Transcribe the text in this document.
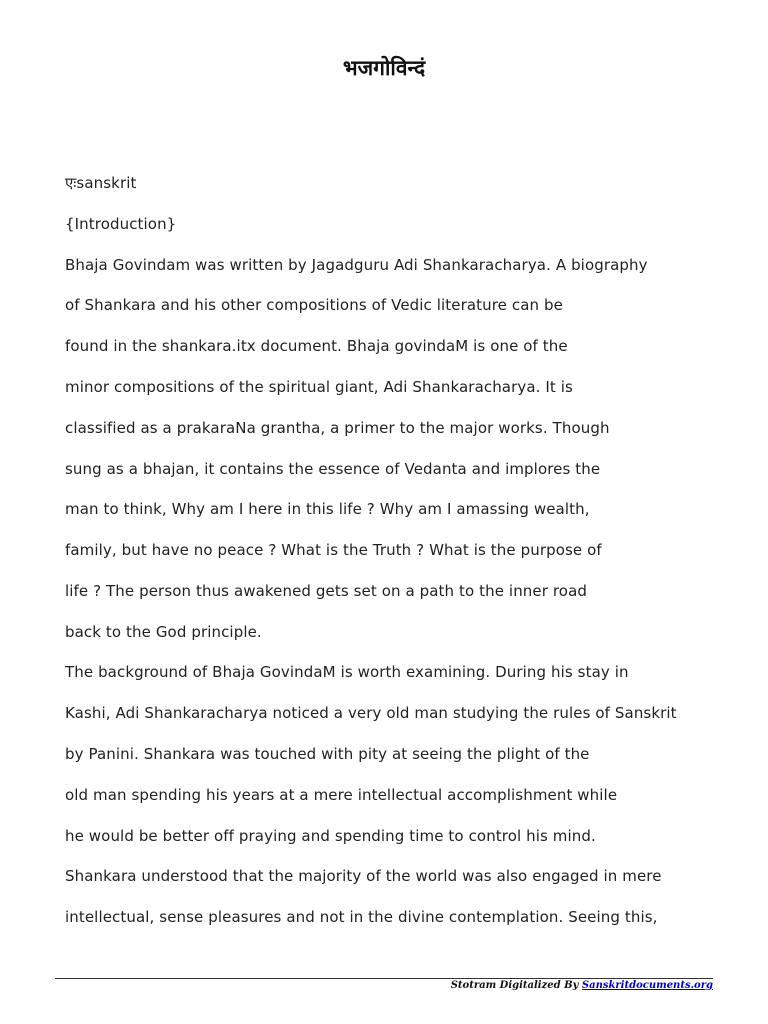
भजगोविन्दं
एःsanskrit
{Introduction}
Bhaja Govindam was written by Jagadguru Adi Shankaracharya. A biography
of Shankara and his other compositions of Vedic literature can be
found in the shankara.itx document. Bhaja govindaM is one of the
minor compositions of the spiritual giant, Adi Shankaracharya. It is
classified as a prakaraNa grantha, a primer to the major works. Though
sung as a bhajan, it contains the essence of Vedanta and implores the
man to think, Why am I here in this life ? Why am I amassing wealth,
family, but have no peace ? What is the Truth ? What is the purpose of
life ? The person thus awakened gets set on a path to the inner road
back to the God principle.
The background of Bhaja GovindaM is worth examining. During his stay in
Kashi, Adi Shankaracharya noticed a very old man studying the rules of Sanskrit
by Panini. Shankara was touched with pity at seeing the plight of the
old man spending his years at a mere intellectual accomplishment while
he would be better off praying and spending time to control his mind.
Shankara understood that the majority of the world was also engaged in mere
intellectual, sense pleasures and not in the divine contemplation. Seeing this,
Stotram Digitalized By Sanskritdocuments.org
